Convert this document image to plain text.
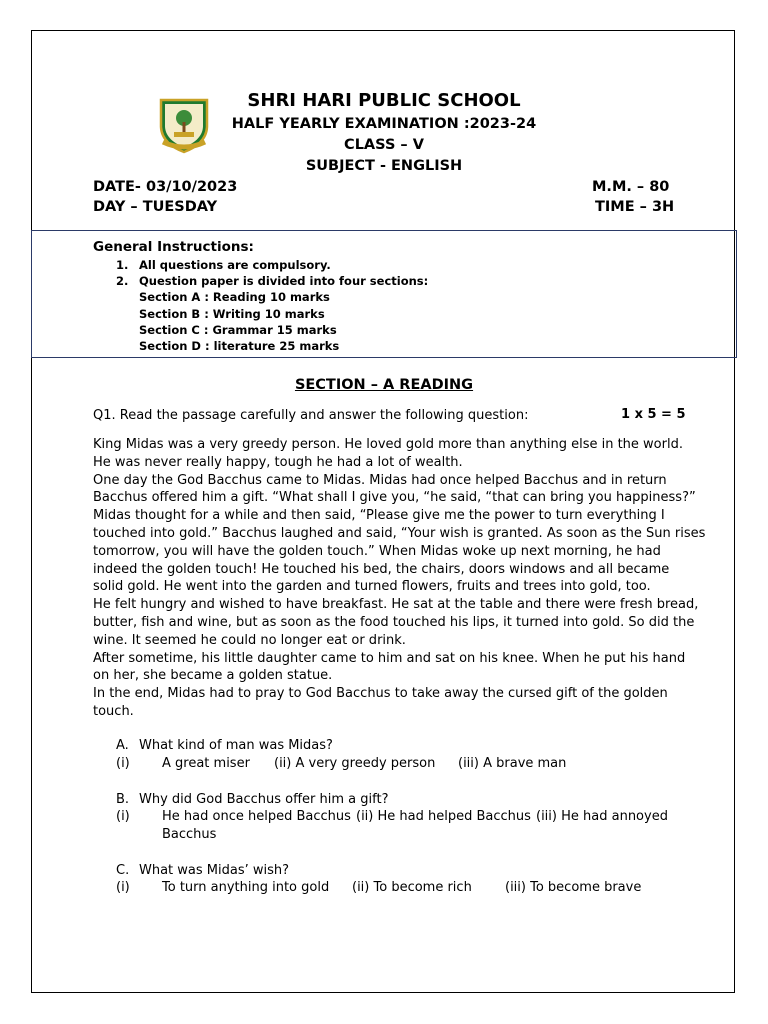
SHRI HARI PUBLIC SCHOOL
HALF YEARLY EXAMINATION :2023-24
CLASS – V
SUBJECT - ENGLISH
DATE- 03/10/2023	M.M. – 80
DAY – TUESDAY	TIME – 3H
General Instructions:
1. All questions are compulsory.
2. Question paper is divided into four sections:
Section A : Reading 10 marks
Section B : Writing 10 marks
Section C : Grammar 15 marks
Section D : literature 25 marks
SECTION – A READING
Q1. Read the passage carefully and answer the following question:	1 x 5 = 5
King Midas was a very greedy person. He loved gold more than anything else in the world.
He was never really happy, tough he had a lot of wealth.
One day the God Bacchus came to Midas. Midas had once helped Bacchus and in return
Bacchus offered him a gift. “What shall I give you, “he said, “that can bring you happiness?”
Midas thought for a while and then said, “Please give me the power to turn everything I
touched into gold.” Bacchus laughed and said, “Your wish is granted. As soon as the Sun rises
tomorrow, you will have the golden touch.” When Midas woke up next morning, he had
indeed the golden touch! He touched his bed, the chairs, doors windows and all became
solid gold. He went into the garden and turned flowers, fruits and trees into gold, too.
He felt hungry and wished to have breakfast. He sat at the table and there were fresh bread,
butter, fish and wine, but as soon as the food touched his lips, it turned into gold. So did the
wine. It seemed he could no longer eat or drink.
After sometime, his little daughter came to him and sat on his knee. When he put his hand
on her, she became a golden statue.
In the end, Midas had to pray to God Bacchus to take away the cursed gift of the golden
touch.
A. What kind of man was Midas?
(i) A great miser (ii) A very greedy person (iii) A brave man
B. Why did God Bacchus offer him a gift?
(i) He had once helped Bacchus (ii) He had helped Bacchus (iii) He had annoyed
Bacchus
C. What was Midas’ wish?
(i) To turn anything into gold (ii) To become rich	(iii) To become brave
